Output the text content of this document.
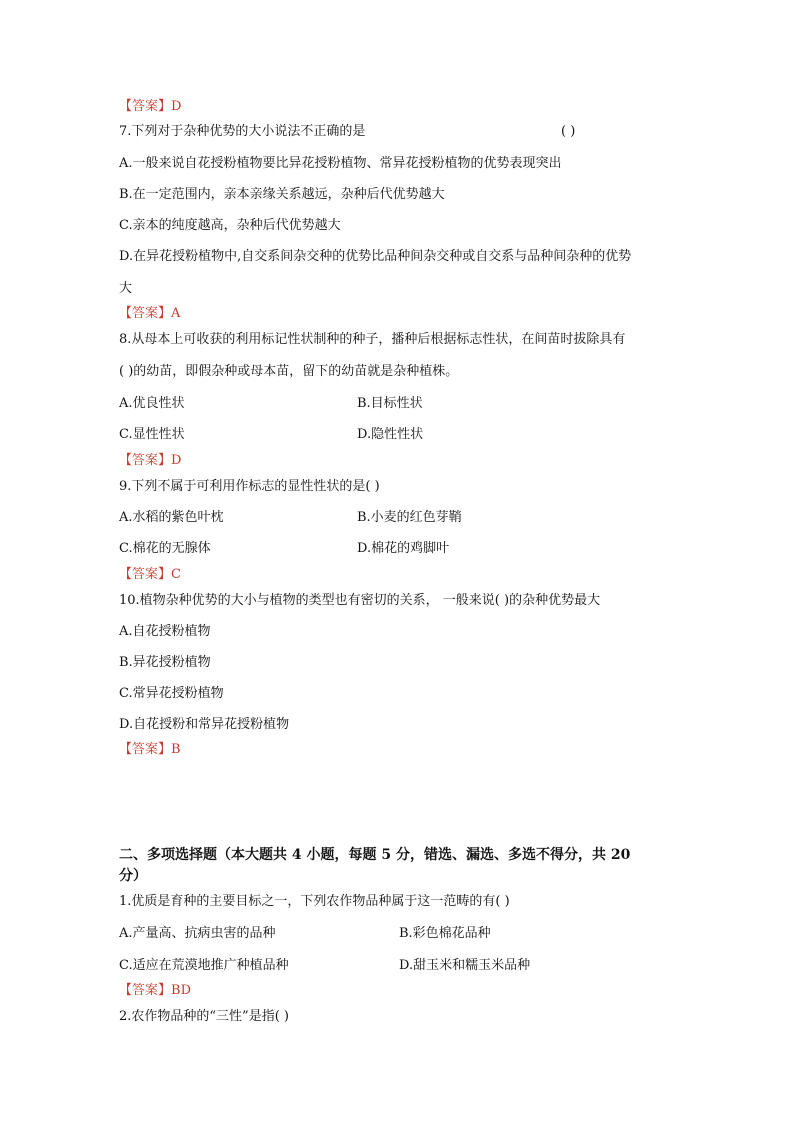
【答案】D
7.下列对于杂种优势的大小说法不正确的是	( )
A.一般来说自花授粉植物要比异花授粉植物、常异花授粉植物的优势表现突出
B.在一定范围内，亲本亲缘关系越远，杂种后代优势越大
C.亲本的纯度越高，杂种后代优势越大
D.在异花授粉植物中,自交系间杂交种的优势比品种间杂交种或自交系与品种间杂种的优势
大
【答案】A
8.从母本上可收获的利用标记性状制种的种子，播种后根据标志性状，在间苗时拔除具有
( )的幼苗，即假杂种或母本苗，留下的幼苗就是杂种植株。
A.优良性状	B.目标性状
C.显性性状	D.隐性性状
【答案】D
9.下列不属于可利用作标志的显性性状的是( )
A.水稻的紫色叶枕	B.小麦的红色芽鞘
C.棉花的无腺体	D.棉花的鸡脚叶
【答案】C
10.植物杂种优势的大小与植物的类型也有密切的关系， 一般来说( )的杂种优势最大
A.自花授粉植物
B.异花授粉植物
C.常异花授粉植物
D.自花授粉和常异花授粉植物
【答案】B
二、多项选择题（本大题共 4 小题，每题 5 分，错选、漏选、多选不得分，共 20
分）
1.优质是育种的主要目标之一，下列农作物品种属于这一范畴的有( )
A.产量高、抗病虫害的品种	B.彩色棉花品种
C.适应在荒漠地推广种植品种	D.甜玉米和糯玉米品种
【答案】BD
2.农作物品种的“三性”是指( )
